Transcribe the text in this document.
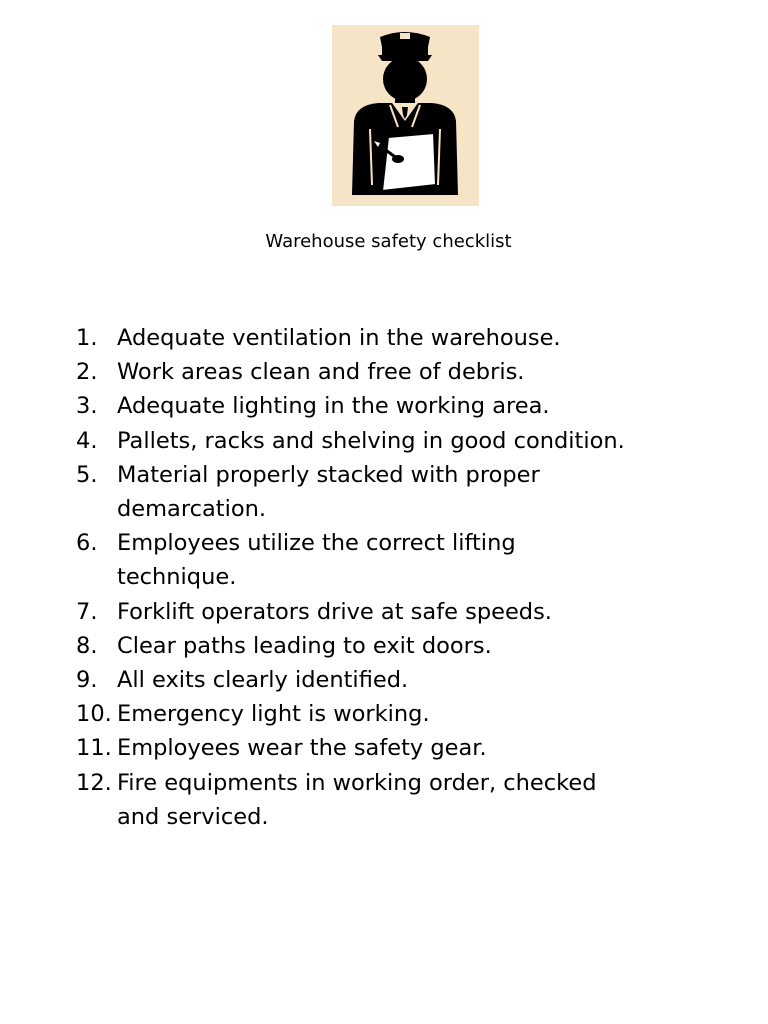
Warehouse safety checklist
1. Adequate ventilation in the warehouse.
2. Work areas clean and free of debris.
3. Adequate lighting in the working area.
4. Pallets, racks and shelving in good condition.
5. Material properly stacked with proper demarcation.
6. Employees utilize the correct lifting technique.
7. Forklift operators drive at safe speeds.
8. Clear paths leading to exit doors.
9. All exits clearly identified.
10. Emergency light is working.
11. Employees wear the safety gear.
12. Fire equipments in working order, checked and serviced.
